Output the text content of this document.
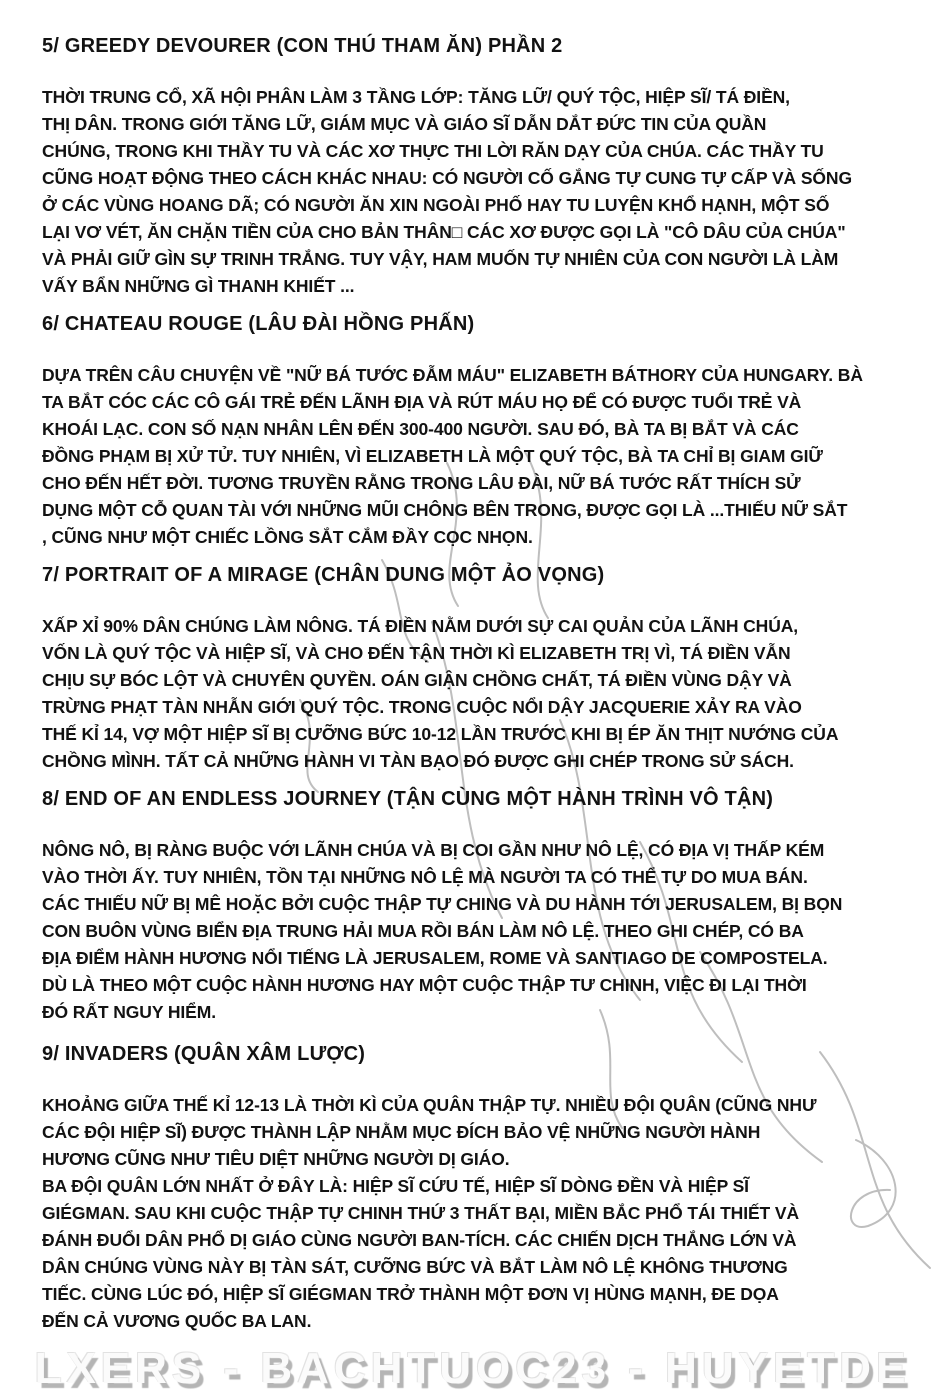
5/ GREEDY DEVOURER (CON THÚ THAM ĂN) PHẦN 2
THỜI TRUNG CỔ, XÃ HỘI PHÂN LÀM 3 TẦNG LỚP: TĂNG LỮ/ QUÝ TỘC, HIỆP SĨ/ TÁ ĐIỀN,
THỊ DÂN. TRONG GIỚI TĂNG LỮ, GIÁM MỤC VÀ GIÁO SĨ DẪN DẮT ĐỨC TIN CỦA QUẦN
CHÚNG, TRONG KHI THẦY TU VÀ CÁC XƠ THỰC THI LỜI RĂN DẠY CỦA CHÚA. CÁC THẦY TU
CŨNG HOẠT ĐỘNG THEO CÁCH KHÁC NHAU: CÓ NGƯỜI CỐ GẮNG TỰ CUNG TỰ CẤP VÀ SỐNG
Ở CÁC VÙNG HOANG DÃ; CÓ NGƯỜI ĂN XIN NGOÀI PHỐ HAY TU LUYỆN KHỔ HẠNH, MỘT SỐ
LẠI VƠ VÉT, ĂN CHẶN TIỀN CỦA CHO BẢN THÂN□ CÁC XƠ ĐƯỢC GỌI LÀ "CÔ DÂU CỦA CHÚA"
VÀ PHẢI GIỮ GÌN SỰ TRINH TRẮNG. TUY VẬY, HAM MUỐN TỰ NHIÊN CỦA CON NGƯỜI LÀ LÀM
VẤY BẨN NHỮNG GÌ THANH KHIẾT ...
6/ CHATEAU ROUGE (LÂU ĐÀI HỒNG PHẤN)
DỰA TRÊN CÂU CHUYỆN VỀ "NỮ BÁ TƯỚC ĐẪM MÁU" ELIZABETH BÁTHORY CỦA HUNGARY. BÀ
TA BẮT CÓC CÁC CÔ GÁI TRẺ ĐẾN LÃNH ĐỊA VÀ RÚT MÁU HỌ ĐỂ CÓ ĐƯỢC TUỔI TRẺ VÀ
KHOÁI LẠC. CON SỐ NẠN NHÂN LÊN ĐẾN 300-400 NGƯỜI. SAU ĐÓ, BÀ TA BỊ BẮT VÀ CÁC
ĐỒNG PHẠM BỊ XỬ TỬ. TUY NHIÊN, VÌ ELIZABETH LÀ MỘT QUÝ TỘC, BÀ TA CHỈ BỊ GIAM GIỮ
CHO ĐẾN HẾT ĐỜI. TƯƠNG TRUYỀN RẰNG TRONG LÂU ĐÀI, NỮ BÁ TƯỚC RẤT THÍCH SỬ
DỤNG MỘT CỖ QUAN TÀI VỚI NHỮNG MŨI CHÔNG BÊN TRONG, ĐƯỢC GỌI LÀ ...THIẾU NỮ SẮT
, CŨNG NHƯ MỘT CHIẾC LỒNG SẮT CẮM ĐẦY CỌC NHỌN.
7/ PORTRAIT OF A MIRAGE (CHÂN DUNG MỘT ẢO VỌNG)
XẤP XỈ 90% DÂN CHÚNG LÀM NÔNG. TÁ ĐIỀN NẰM DƯỚI SỰ CAI QUẢN CỦA LÃNH CHÚA,
VỐN LÀ QUÝ TỘC VÀ HIỆP SĨ, VÀ CHO ĐẾN TẬN THỜI KÌ ELIZABETH TRỊ VÌ, TÁ ĐIỀN VẪN
CHỊU SỰ BÓC LỘT VÀ CHUYÊN QUYỀN. OÁN GIẬN CHỒNG CHẤT, TÁ ĐIỀN VÙNG DẬY VÀ
TRỪNG PHẠT TÀN NHẪN GIỚI QUÝ TỘC. TRONG CUỘC NỔI DẬY JACQUERIE XẢY RA VÀO
THẾ KỈ 14, VỢ MỘT HIỆP SĨ BỊ CƯỠNG BỨC 10-12 LẦN TRƯỚC KHI BỊ ÉP ĂN THỊT NƯỚNG CỦA
CHỒNG MÌNH. TẤT CẢ NHỮNG HÀNH VI TÀN BẠO ĐÓ ĐƯỢC GHI CHÉP TRONG SỬ SÁCH.
8/ END OF AN ENDLESS JOURNEY (TẬN CÙNG MỘT HÀNH TRÌNH VÔ TẬN)
NÔNG NÔ, BỊ RÀNG BUỘC VỚI LÃNH CHÚA VÀ BỊ COI GẦN NHƯ NÔ LỆ, CÓ ĐỊA VỊ THẤP KÉM
VÀO THỜI ẤY. TUY NHIÊN, TỒN TẠI NHỮNG NÔ LỆ MÀ NGƯỜI TA CÓ THỂ TỰ DO MUA BÁN.
CÁC THIẾU NỮ BỊ MÊ HOẶC BỞI CUỘC THẬP TỰ CHING VÀ DU HÀNH TỚI JERUSALEM, BỊ BỌN
CON BUÔN VÙNG BIỂN ĐỊA TRUNG HẢI MUA RỒI BÁN LÀM NÔ LỆ. THEO GHI CHÉP, CÓ BA
ĐỊA ĐIỂM HÀNH HƯƠNG NỔI TIẾNG LÀ JERUSALEM, ROME VÀ SANTIAGO DE COMPOSTELA.
DÙ LÀ THEO MỘT CUỘC HÀNH HƯƠNG HAY MỘT CUỘC THẬP TƯ CHINH, VIỆC ĐI LẠI THỜI
ĐÓ RẤT NGUY HIỂM.
9/ INVADERS (QUÂN XÂM LƯỢC)
KHOẢNG GIỮA THẾ KỈ 12-13 LÀ THỜI KÌ CỦA QUÂN THẬP TỰ. NHIỀU ĐỘI QUÂN (CŨNG NHƯ
CÁC ĐỘI HIỆP SĨ) ĐƯỢC THÀNH LẬP NHẰM MỤC ĐÍCH BẢO VỆ NHỮNG NGƯỜI HÀNH
HƯƠNG CŨNG NHƯ TIÊU DIỆT NHỮNG NGƯỜI DỊ GIÁO.
BA ĐỘI QUÂN LỚN NHẤT Ở ĐÂY LÀ: HIỆP SĨ CỨU TẾ, HIỆP SĨ DÒNG ĐỀN VÀ HIỆP SĨ
GIÉGMAN. SAU KHI CUỘC THẬP TỰ CHINH THỨ 3 THẤT BẠI, MIỀN BẮC PHỔ TÁI THIẾT VÀ
ĐÁNH ĐUỔI DÂN PHỔ DỊ GIÁO CÙNG NGƯỜI BAN-TÍCH. CÁC CHIẾN DỊCH THẮNG LỚN VÀ
DÂN CHÚNG VÙNG NÀY BỊ TÀN SÁT, CƯỠNG BỨC VÀ BẮT LÀM NÔ LỆ KHÔNG THƯƠNG
TIẾC. CÙNG LÚC ĐÓ, HIỆP SĨ GIÉGMAN TRỞ THÀNH MỘT ĐƠN VỊ HÙNG MẠNH, ĐE DỌA
ĐẾN CẢ VƯƠNG QUỐC BA LAN.
LXERS - BACHTUOC23 - HUYETDE
